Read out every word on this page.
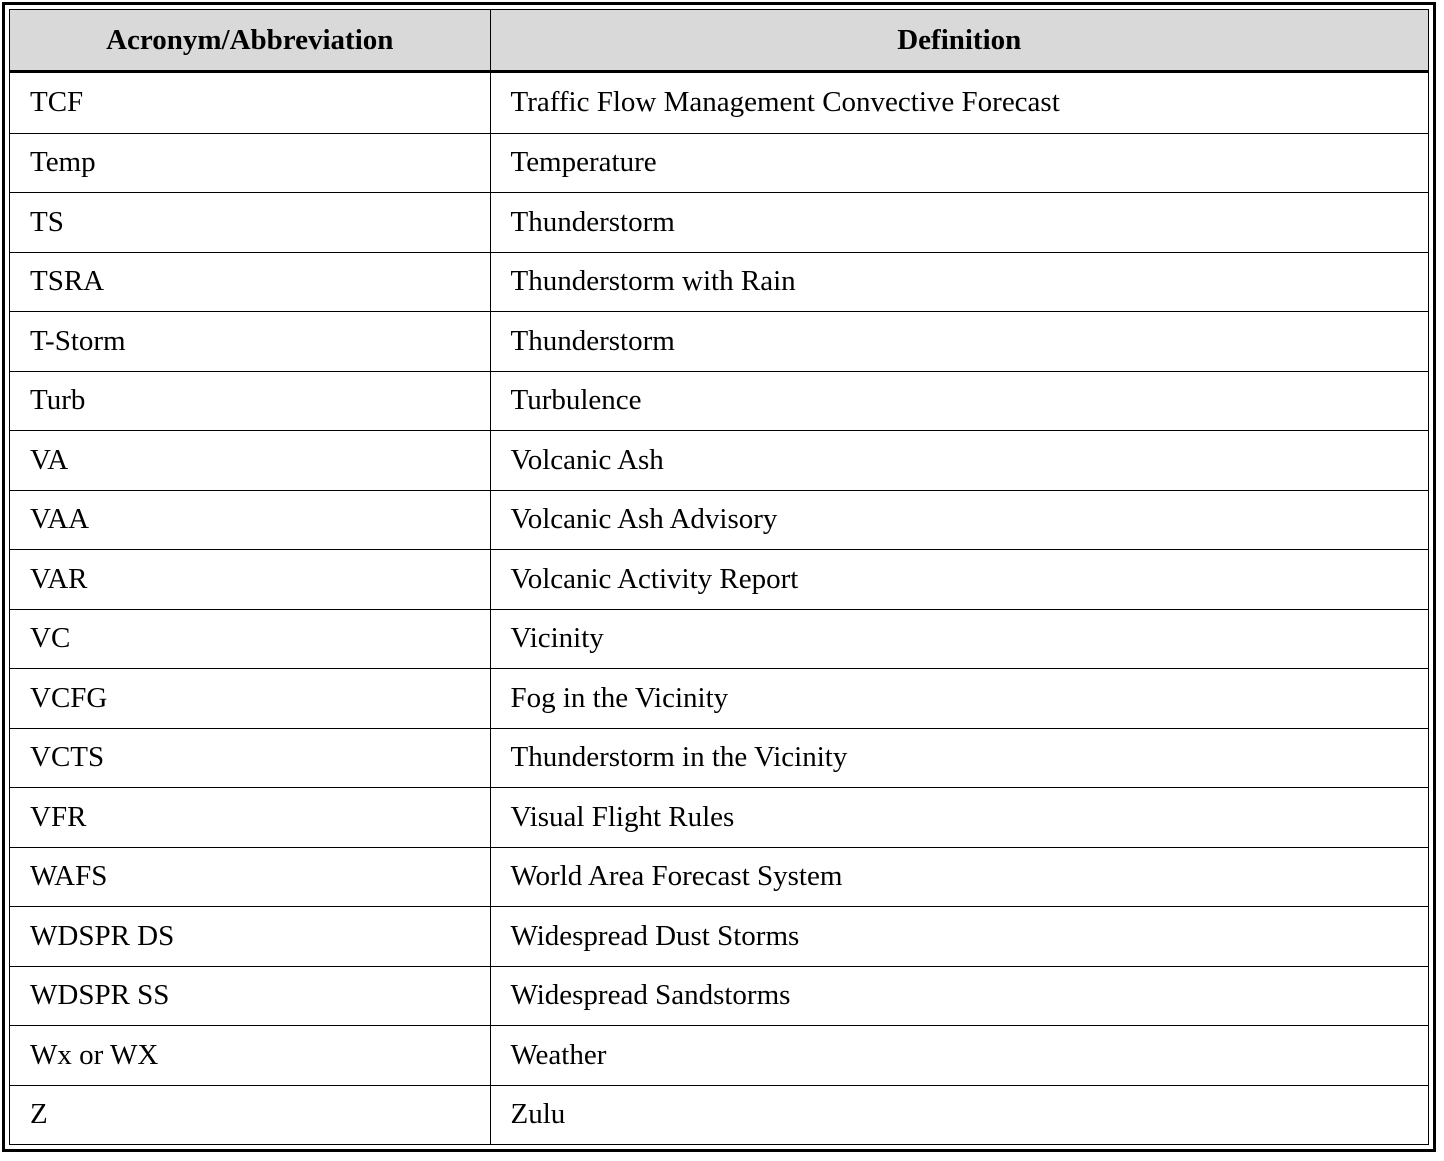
Acronym/Abbreviation	Definition
TCF	Traffic Flow Management Convective Forecast
Temp	Temperature
TS	Thunderstorm
TSRA	Thunderstorm with Rain
T-Storm	Thunderstorm
Turb	Turbulence
VA	Volcanic Ash
VAA	Volcanic Ash Advisory
VAR	Volcanic Activity Report
VC	Vicinity
VCFG	Fog in the Vicinity
VCTS	Thunderstorm in the Vicinity
VFR	Visual Flight Rules
WAFS	World Area Forecast System
WDSPR DS	Widespread Dust Storms
WDSPR SS	Widespread Sandstorms
Wx or WX	Weather
Z	Zulu
